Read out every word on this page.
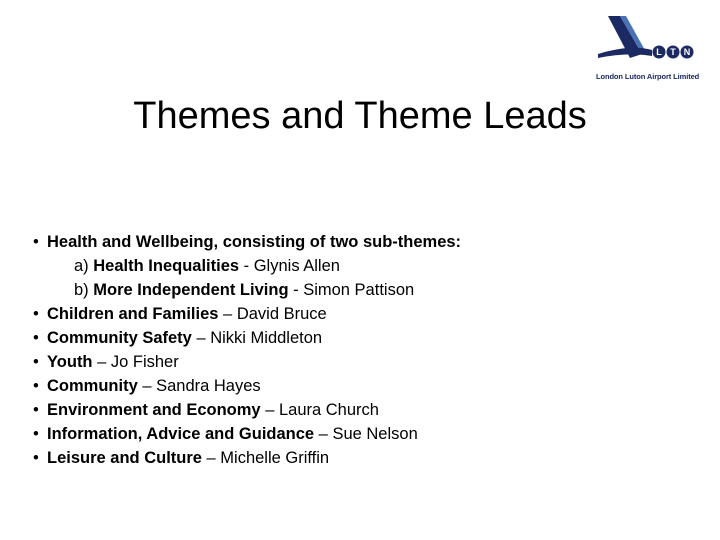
L T N
London Luton Airport Limited
Themes and Theme Leads
• Health and Wellbeing, consisting of two sub-themes:
a) Health Inequalities - Glynis Allen
b) More Independent Living - Simon Pattison
• Children and Families – David Bruce
• Community Safety – Nikki Middleton
• Youth – Jo Fisher
• Community – Sandra Hayes
• Environment and Economy – Laura Church
• Information, Advice and Guidance – Sue Nelson
• Leisure and Culture – Michelle Griffin
